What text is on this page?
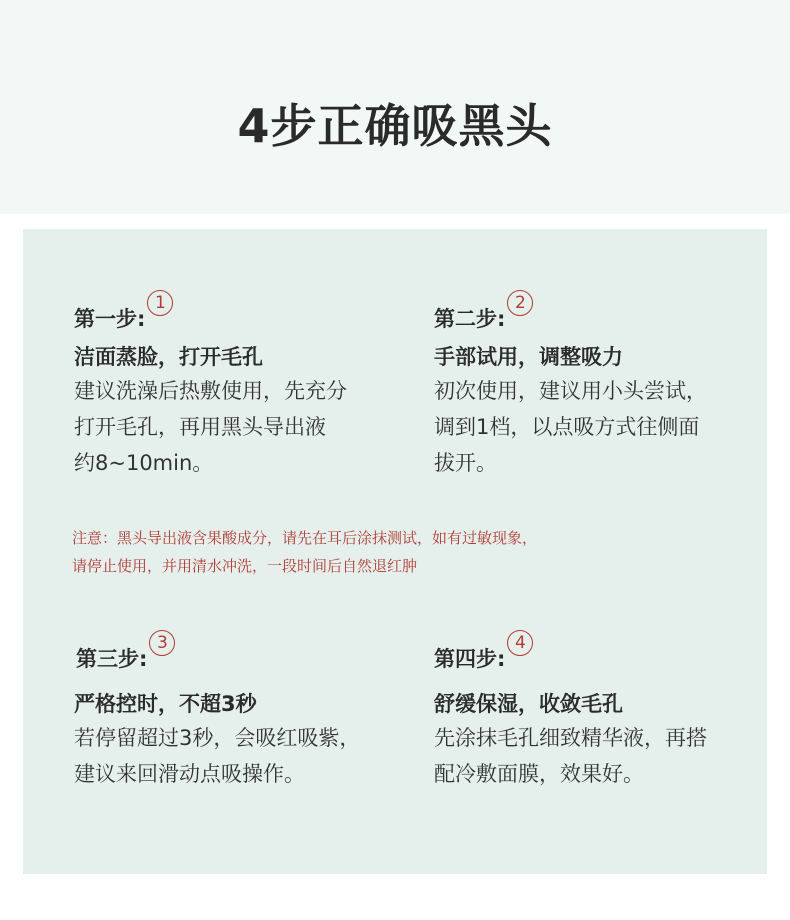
4步正确吸黑头
第一步:1
洁面蒸脸，打开毛孔
建议洗澡后热敷使用，先充分
打开毛孔，再用黑头导出液
约8~10min。
第二步:2
手部试用，调整吸力
初次使用，建议用小头尝试，
调到1档，以点吸方式往侧面
拔开。
注意：黑头导出液含果酸成分，请先在耳后涂抹测试，如有过敏现象，
请停止使用，并用清水冲洗，一段时间后自然退红肿
第三步:3
严格控时，不超3秒
若停留超过3秒，会吸红吸紫，
建议来回滑动点吸操作。
第四步:4
舒缓保湿，收敛毛孔
先涂抹毛孔细致精华液，再搭
配冷敷面膜，效果好。
